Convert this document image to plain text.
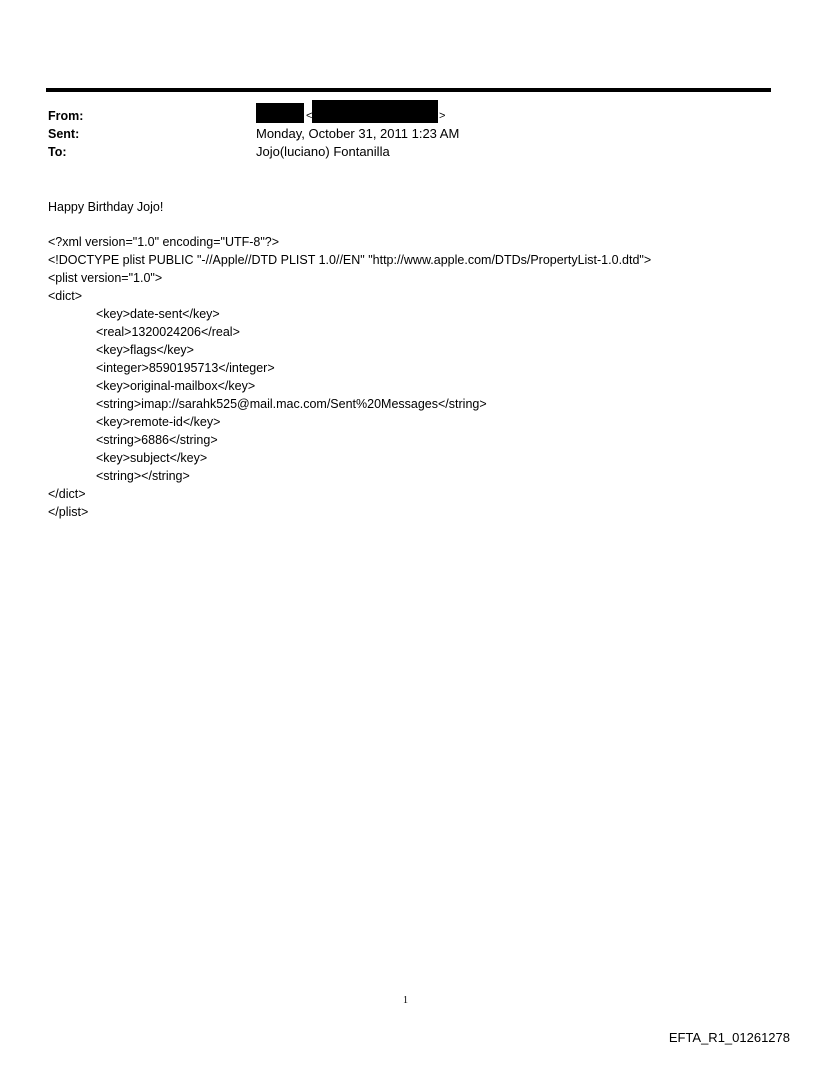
From:
Sent:
To:
<	>
Monday, October 31, 2011 1:23 AM
Jojo(luciano) Fontanilla
Happy Birthday Jojo!
<?xml version="1.0" encoding="UTF-8"?>
<!DOCTYPE plist PUBLIC "-//Apple//DTD PLIST 1.0//EN" "http://www.apple.com/DTDs/PropertyList-1.0.dtd">
<plist version="1.0">
<dict>
<key>date-sent</key>
<real>1320024206</real>
<key>flags</key>
<integer>8590195713</integer>
<key>original-mailbox</key>
<string>imap://sarahk525@mail.mac.com/Sent%20Messages</string>
<key>remote-id</key>
<string>6886</string>
<key>subject</key>
<string></string>
</dict>
</plist>
1
EFTA_R1_01261278
